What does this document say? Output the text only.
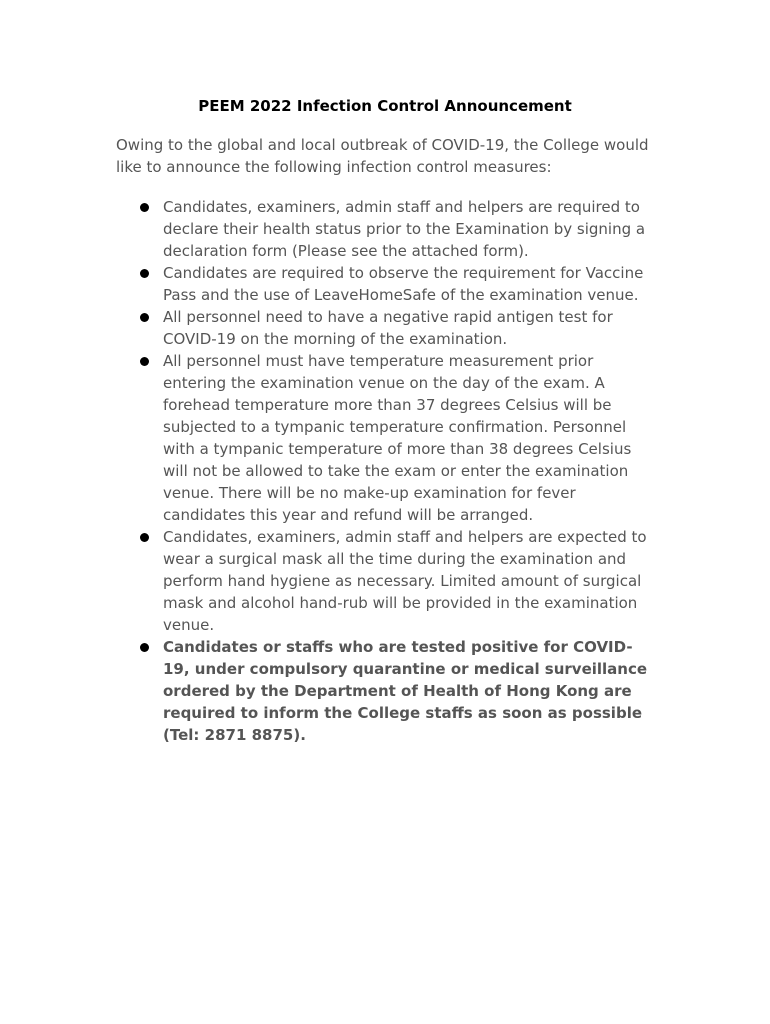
PEEM 2022 Infection Control Announcement

Owing to the global and local outbreak of COVID-19, the College would like to announce the following infection control measures:

Candidates, examiners, admin staff and helpers are required to declare their health status prior to the Examination by signing a declaration form (Please see the attached form).
Candidates are required to observe the requirement for Vaccine Pass and the use of LeaveHomeSafe of the examination venue.
All personnel need to have a negative rapid antigen test for COVID-19 on the morning of the examination.
All personnel must have temperature measurement prior entering the examination venue on the day of the exam. A forehead temperature more than 37 degrees Celsius will be subjected to a tympanic temperature confirmation. Personnel with a tympanic temperature of more than 38 degrees Celsius will not be allowed to take the exam or enter the examination venue. There will be no make-up examination for fever candidates this year and refund will be arranged.
Candidates, examiners, admin staff and helpers are expected to wear a surgical mask all the time during the examination and perform hand hygiene as necessary. Limited amount of surgical mask and alcohol hand-rub will be provided in the examination venue.
Candidates or staffs who are tested positive for COVID-19, under compulsory quarantine or medical surveillance ordered by the Department of Health of Hong Kong are required to inform the College staffs as soon as possible (Tel: 2871 8875).
